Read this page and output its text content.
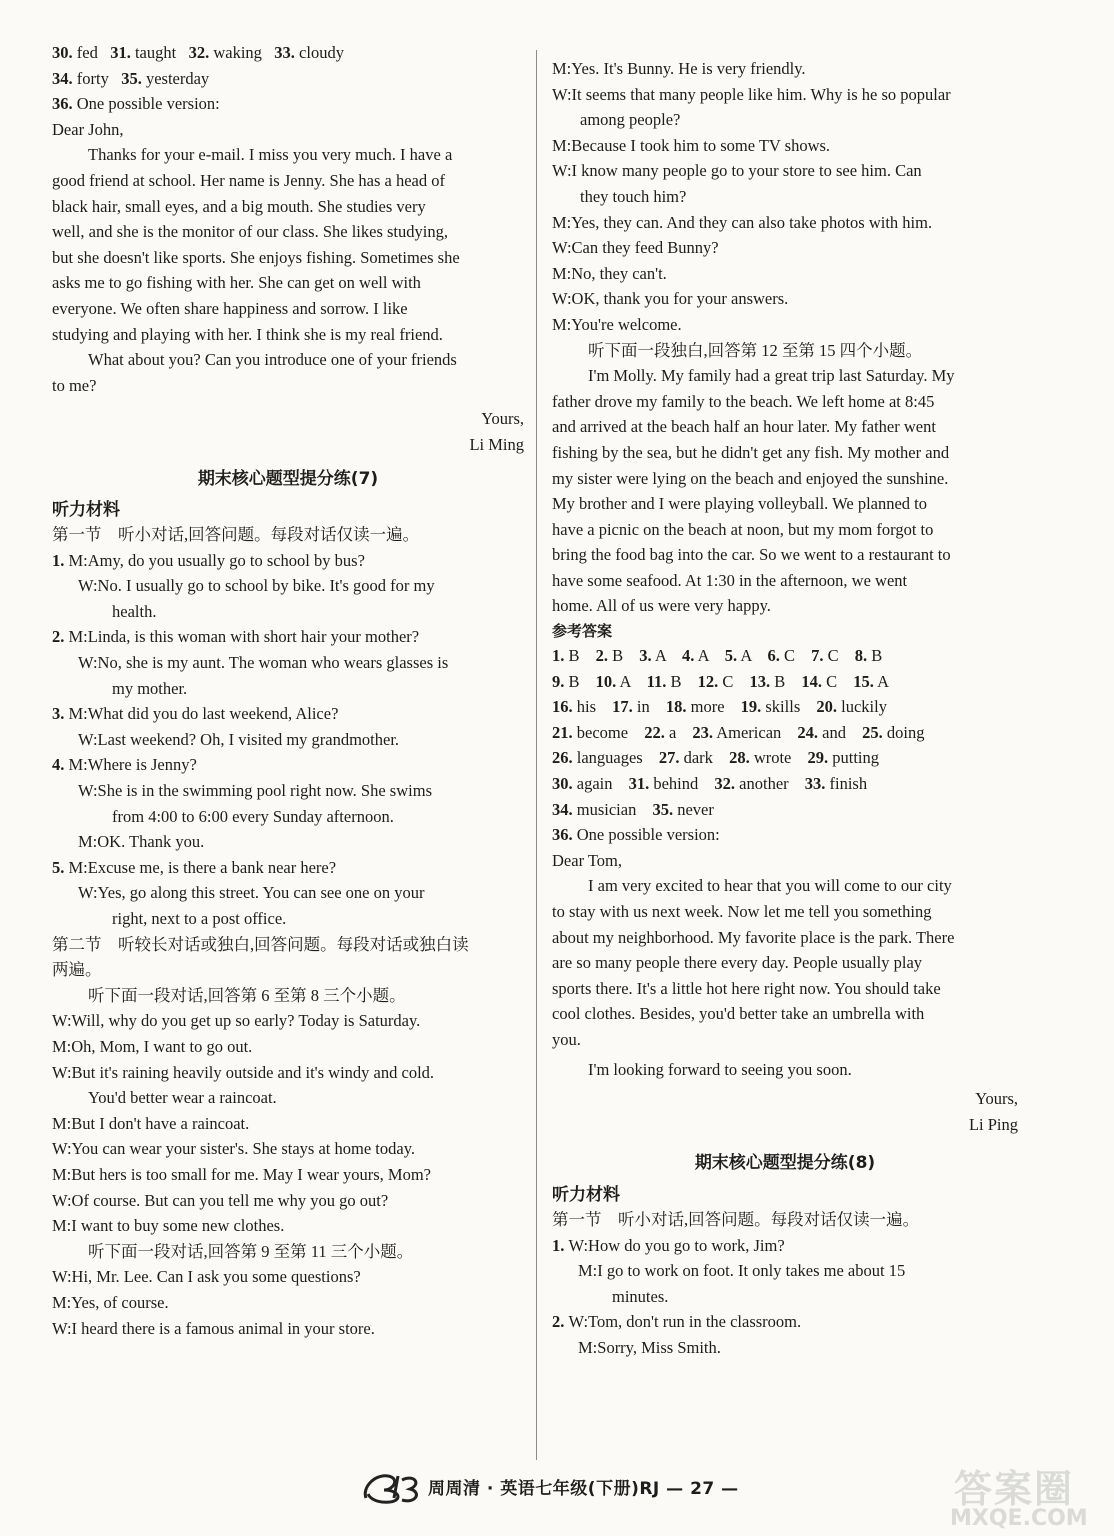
30. fed 31. taught 32. waking 33. cloudy
34. forty 35. yesterday
36. One possible version:
Dear John,
Thanks for your e-mail. I miss you very much. I have a
good friend at school. Her name is Jenny. She has a head of
black hair, small eyes, and a big mouth. She studies very
well, and she is the monitor of our class. She likes studying,
but she doesn't like sports. She enjoys fishing. Sometimes she
asks me to go fishing with her. She can get on well with
everyone. We often share happiness and sorrow. I like
studying and playing with her. I think she is my real friend.
What about you? Can you introduce one of your friends
to me?
Yours,
Li Ming
期末核心题型提分练(7)
听力材料
第一节　听小对话,回答问题。每段对话仅读一遍。
1. M:Amy, do you usually go to school by bus?
W:No. I usually go to school by bike. It's good for my
health.
2. M:Linda, is this woman with short hair your mother?
W:No, she is my aunt. The woman who wears glasses is
my mother.
3. M:What did you do last weekend, Alice?
W:Last weekend? Oh, I visited my grandmother.
4. M:Where is Jenny?
W:She is in the swimming pool right now. She swims
from 4:00 to 6:00 every Sunday afternoon.
M:OK. Thank you.
5. M:Excuse me, is there a bank near here?
W:Yes, go along this street. You can see one on your
right, next to a post office.
第二节　听较长对话或独白,回答问题。每段对话或独白读
两遍。
听下面一段对话,回答第 6 至第 8 三个小题。
W:Will, why do you get up so early? Today is Saturday.
M:Oh, Mom, I want to go out.
W:But it's raining heavily outside and it's windy and cold.
You'd better wear a raincoat.
M:But I don't have a raincoat.
W:You can wear your sister's. She stays at home today.
M:But hers is too small for me. May I wear yours, Mom?
W:Of course. But can you tell me why you go out?
M:I want to buy some new clothes.
听下面一段对话,回答第 9 至第 11 三个小题。
W:Hi, Mr. Lee. Can I ask you some questions?
M:Yes, of course.
W:I heard there is a famous animal in your store.
M:Yes. It's Bunny. He is very friendly.
W:It seems that many people like him. Why is he so popular
among people?
M:Because I took him to some TV shows.
W:I know many people go to your store to see him. Can
they touch him?
M:Yes, they can. And they can also take photos with him.
W:Can they feed Bunny?
M:No, they can't.
W:OK, thank you for your answers.
M:You're welcome.
听下面一段独白,回答第 12 至第 15 四个小题。
I'm Molly. My family had a great trip last Saturday. My
father drove my family to the beach. We left home at 8:45
and arrived at the beach half an hour later. My father went
fishing by the sea, but he didn't get any fish. My mother and
my sister were lying on the beach and enjoyed the sunshine.
My brother and I were playing volleyball. We planned to
have a picnic on the beach at noon, but my mom forgot to
bring the food bag into the car. So we went to a restaurant to
have some seafood. At 1:30 in the afternoon, we went
home. All of us were very happy.
参考答案
1. B 2. B 3. A 4. A 5. A 6. C 7. C 8. B
9. B 10. A 11. B 12. C 13. B 14. C 15. A
16. his 17. in 18. more 19. skills 20. luckily
21. become 22. a 23. American 24. and 25. doing
26. languages 27. dark 28. wrote 29. putting
30. again 31. behind 32. another 33. finish
34. musician 35. never
36. One possible version:
Dear Tom,
I am very excited to hear that you will come to our city
to stay with us next week. Now let me tell you something
about my neighborhood. My favorite place is the park. There
are so many people there every day. People usually play
sports there. It's a little hot here right now. You should take
cool clothes. Besides, you'd better take an umbrella with
you.
I'm looking forward to seeing you soon.
Yours,
Li Ping
期末核心题型提分练(8)
听力材料
第一节　听小对话,回答问题。每段对话仅读一遍。
1. W:How do you go to work, Jim?
M:I go to work on foot. It only takes me about 15
minutes.
2. W:Tom, don't run in the classroom.
M:Sorry, Miss Smith.
周周清 · 英语七年级(下册)RJ — 27 —	答案圈
MXQE.COM
